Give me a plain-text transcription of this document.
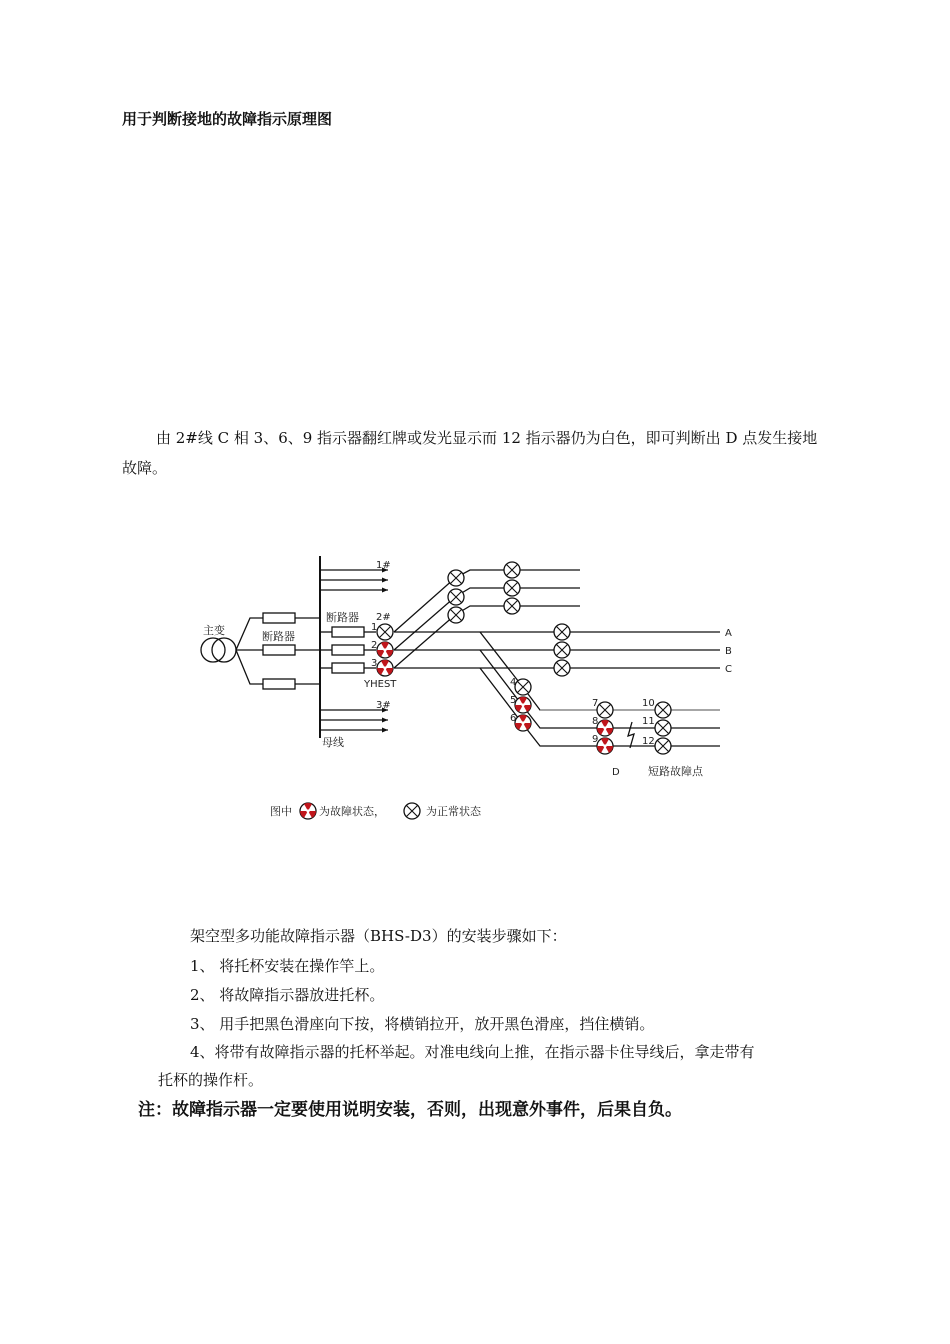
用于判断接地的故障指示原理图
由 2#线 C 相 3、6、9 指示器翻红牌或发光显示而 12 指示器仍为白色，即可判断出 D 点发生接地故障。
主变	断路器
母线
1#
3#
2#
断路器
1
2
3
4
5
6
7
8
9
10
11
12
YHEST
A
B
C
D	短路故障点
图中 为故障状态，	为正常状态
架空型多功能故障指示器（BHS-D3）的安装步骤如下：
1、 将托杯安装在操作竿上。
2、 将故障指示器放进托杯。
3、 用手把黑色滑座向下按，将横销拉开，放开黑色滑座，挡住横销。
4、将带有故障指示器的托杯举起。对准电线向上推，在指示器卡住导线后，拿走带有
托杯的操作杆。
注：故障指示器一定要使用说明安装，否则，出现意外事件，后果自负。
